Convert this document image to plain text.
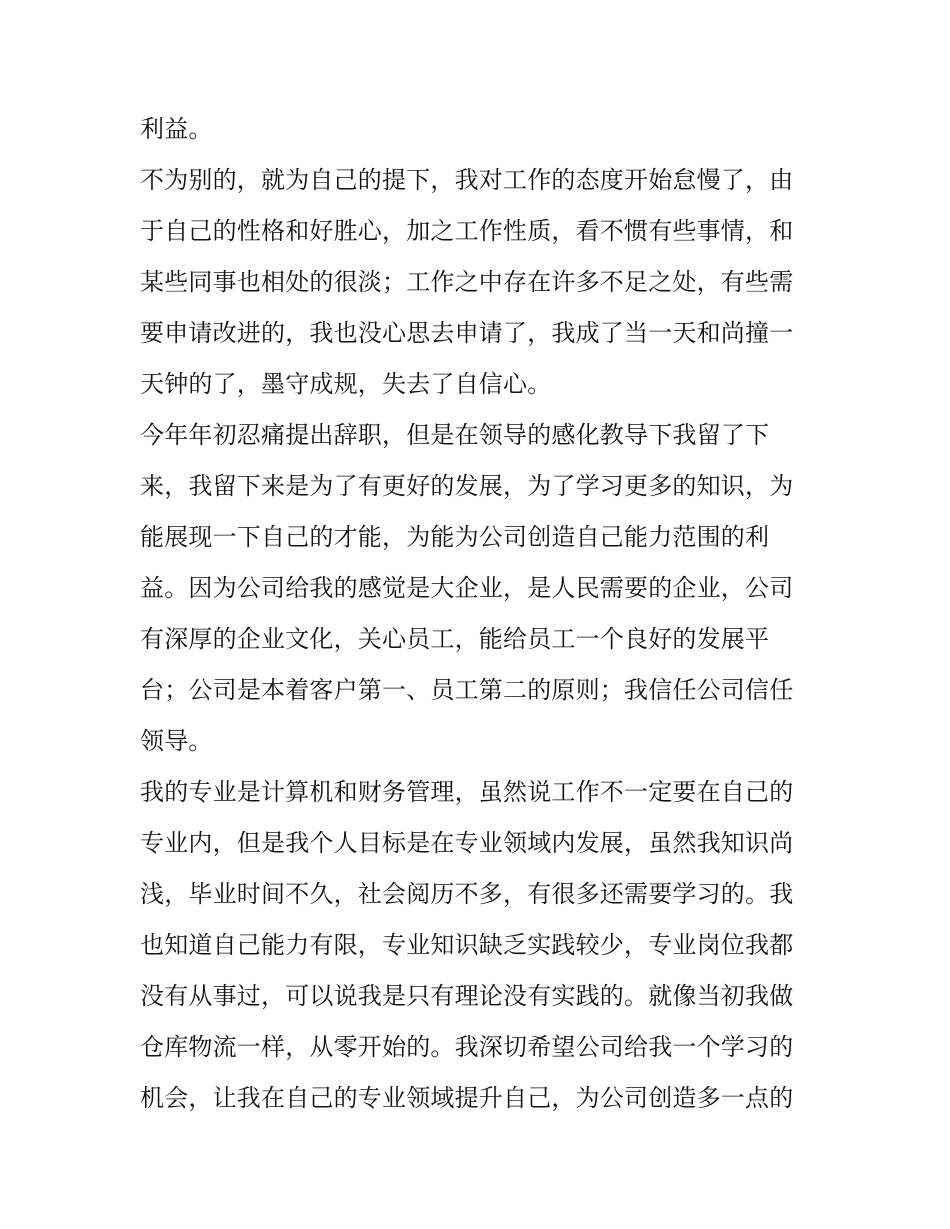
利益。
不为别的，就为自己的提下，我对工作的态度开始怠慢了，由
于自己的性格和好胜心，加之工作性质，看不惯有些事情，和
某些同事也相处的很淡；工作之中存在许多不足之处，有些需
要申请改进的，我也没心思去申请了，我成了当一天和尚撞一
天钟的了，墨守成规，失去了自信心。
今年年初忍痛提出辞职，但是在领导的感化教导下我留了下
来，我留下来是为了有更好的发展，为了学习更多的知识，为
能展现一下自己的才能，为能为公司创造自己能力范围的利
益。因为公司给我的感觉是大企业，是人民需要的企业，公司
有深厚的企业文化，关心员工，能给员工一个良好的发展平
台；公司是本着客户第一、员工第二的原则；我信任公司信任
领导。
我的专业是计算机和财务管理，虽然说工作不一定要在自己的
专业内，但是我个人目标是在专业领域内发展，虽然我知识尚
浅，毕业时间不久，社会阅历不多，有很多还需要学习的。我
也知道自己能力有限，专业知识缺乏实践较少，专业岗位我都
没有从事过，可以说我是只有理论没有实践的。就像当初我做
仓库物流一样，从零开始的。我深切希望公司给我一个学习的
机会，让我在自己的专业领域提升自己，为公司创造多一点的
